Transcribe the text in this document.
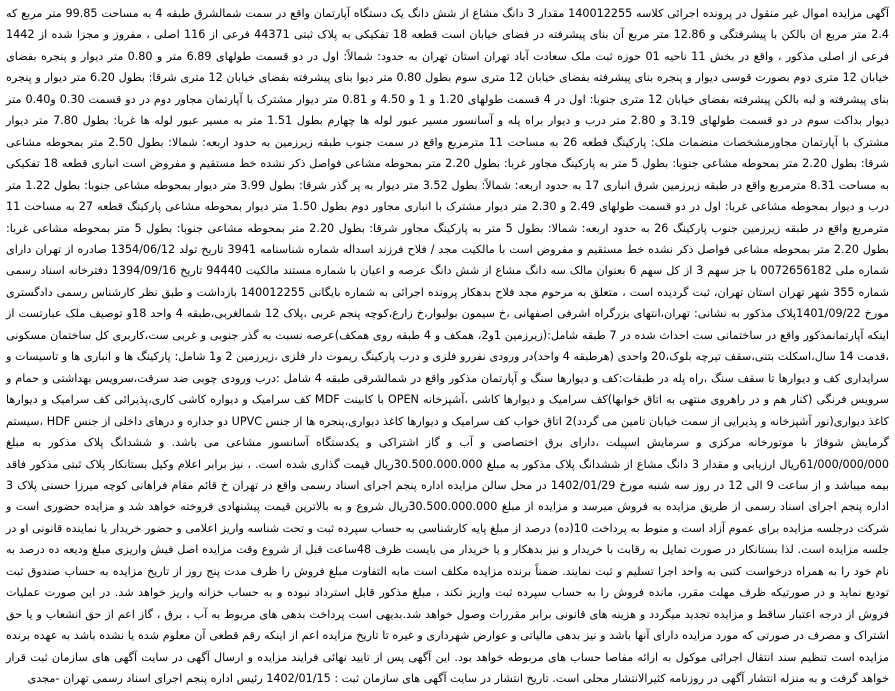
آگهی مزایده اموال غیر منقول در پرونده اجرائی کلاسه 140012255 مقدار 3 دانگ مشاع از شش دانگ یک دستگاه آپارتمان واقع در سمت شمالشرق طبقه 4 به مساحت 99.85 متر مربع که 2.4 متر مربع ان بالکن با پیشرفتگی و 12.86 متر مربع آن بنای پیشرفته در فضای خیابان است قطعه 18 تفکیکی به پلاک ثبتی 44371 فرعی از 116 اصلی ، مفروز و مجزا شده از 1442 فرعی از اصلی مذکور ، واقع در بخش 11 ناحیه 01 حوزه ثبت ملک سعادت آباد تهران استان تهران به حدود: شمالاً: اول در دو قسمت طولهای 6.89 متر و 0.80 متر دیوار و پنجره بفضای خیابان 12 متری دوم بصورت قوسی دیوار و پنجره بنای پیشرفته بفضای خیابان 12 متری سوم بطول 0.80 متر دیوا بنای پیشرفته بفضای خیابان 12 متری شرقا: بطول 6.20 متر دیوار و پنجره بنای پیشرفته و لبه بالکن پیشرفته بفضای خیابان 12 متری جنوبا: اول در 4 قسمت طولهای 1.20 و 1 و 4.50 و 0.81 متر دیوار مشترک با آپارتمان مجاور دوم در دو قسمت 0.30 و0.40 متر دیوار بداکت سوم در دو قسمت طولهای 3.19 و 2.80 متر درب و دیوار براه پله و آسانسور مسیر عبور لوله ها چهارم بطول 1.51 متر به مسیر عبور لوله ها غربا: بطول 7.80 متر دیوار مشترک با آپارتمان مجاورمشخصات منضمات ملک: پارکینگ قطعه 26 به مساحت 11 مترمربع واقع در سمت جنوب طبقه زیرزمین به حدود اربعه: شمالا: بطول 2.50 متر بمحوطه مشاعی شرقا: بطول 2.20 متر بمحوطه مشاعی جنوبا: بطول 5 متر به پارکینگ مجاور غربا: بطول 2.20 متر بمحوطه مشاعی فواصل ذکر نشده خط مستقیم و مفروض است انباری قطعه 18 تفکیکی به مساحت 8.31 مترمربع واقع در طبقه زیرزمین شرق انباری 17 به حدود اربعه: شمالاً: بطول 3.52 متر دیوار به پر گذر شرقا: بطول 3.99 متر دیوار بمحوطه مشاعی جنوبا: بطول 1.22 متر درب و دیوار بمحوطه مشاعی غربا: اول در دو قسمت طولهای 2.49 و 2.30 متر دیوار مشترک با انباری مجاور دوم بطول 1.50 متر دیوار بمحوطه مشاعی پارکینگ قطعه 27 به مساحت 11 مترمربع واقع در طبقه زیرزمین جنوب پارکینگ 26 به حدود اربعه: شمالا: بطول 5 متر به پارکینگ مجاور شرقا: بطول 2.20 متر بمحوطه مشاعی جنوبا: بطول 5 متر بمحوطه مشاعی غربا: بطول 2.20 متر بمحوطه مشاعی فواصل ذکر نشده خط مستقیم و مفروض است با مالکیت مجد / فلاح فرزند اسداله شماره شناسنامه 3941 تاریخ تولد 1354/06/12 صادره از تهران دارای شماره ملی 0072656182 با جز سهم 3 از کل سهم 6 بعنوان مالک سه دانگ مشاع از شش دانگ عرصه و اعیان با شماره مستند مالکیت 94440 تاریخ 1394/09/16 دفترخانه اسناد رسمی شماره 355 شهر تهران استان تهران، ثبت گردیده است ، متعلق به مرحوم مجد فلاح بدهکار پرونده اجرائی به شماره بایگانی 140012255 بازداشت و طبق نظر کارشناس رسمی دادگستری مورخ 1401/09/22پلاک مذکور به نشانی: تهران،انتهای بزرگراه اشرفی اصفهانی ،خ سیمون بولیوار،خ زارع،کوچه پنجم غربی ،پلاک 12 شمالغربی،طبقه 4 واحد 18و توصیف ملک عبارتست از اینکه آپارتمانمذکور واقع در ساختمانی ست احداث شده در 7 طبقه شامل:(زیرزمین 1و2، همکف و 4 طبقه روی همکف)عرصه نسبت به گذر جنوبی و غربی ست،کاربری کل ساختمان مسکونی ،قدمت 14 سال،اسکلت بتنی،سقف تیرچه بلوک،20 واحدی (هرطبقه 4 واحد)در ورودی نفررو فلزی و درب پارکینگ ریموت دار فلزی ،زیرزمین 2 و1 شامل: پارکینگ ها و انباری ها و تاسیسات و سرایداری کف و دیوارها تا سقف سنگ ،راه پله در طبقات:کف و دیوارها سنگ و آپارتمان مذکور واقع در شمالشرقی طبقه 4 شامل :درب ورودی چوبی ضد سرقت،سرویس بهداشتی و حمام و سرویس فرنگی (کنار هم و در راهروی منتهی به اتاق خوابها)کف سرامیک و دیوارها کاشی ،آشپزخانه OPEN با کابینت MDF کف سرامیک و دیواره کاشی کاری،پذیرائی کف سرامیک و دیوارها کاغذ دیواری(نور آشپزخانه و پذیرایی از سمت خیابان تامین می گردد)2 اتاق خواب کف سرامیک و دیوارها کاغذ دیواری،پنجره ها از جنس UPVC دو جداره و درهای داخلی از جنس HDF ،سیستم گرمایش شوفاژ با موتورخانه مرکزی و سرمایش اسپیلت ،دارای برق اختصاصی و آب و گاز اشتراکی و یکدستگاه آسانسور مشاعی می باشد. و ششدانگ پلاک مذکور به مبلغ 61/000/000/000ریال ارزیابی و مقدار 3 دانگ مشاع از ششدانگ پلاک مذکور به مبلغ 30.500.000.000ریال قیمت گذاری شده است. ، نیز برابر اعلام وکیل بستانکار پلاک ثبتی مذکور فاقد بیمه میباشد و از ساعت 9 الی 12 در روز سه شنبه مورخ 1402/01/29 در محل سالن مزایده اداره پنجم اجرای اسناد رسمی واقع در تهران خ قائم مقام فراهانی کوچه میرزا حسنی پلاک 3 اداره پنجم اجرای اسناد رسمی از طریق مزایده به فروش میرسد و مزایده از مبلغ 30.500.000.000ریال شروع و به بالاترین قیمت پیشنهادی فروخته خواهد شد و مزایده حضوری است و شرکت درجلسه مزایده برای عموم آزاد است و منوط به پرداخت 10(ده) درصد از مبلغ پایه کارشناسی به حساب سپرده ثبت و تحت شناسه واریز اعلامی و حضور خریدار یا نماینده قانونی او در جلسه مزایده است. لذا بستانکار در صورت تمایل به رقابت با خریدار و نیز بدهکار و یا خریدار می بایست ظرف 48ساعت قبل از شروع وقت مزایده اصل فیش واریزی مبلغ ودیعه ده درصد به نام خود را به همراه درخواست کتبی به واحد اجرا تسلیم و ثبت نمایند. ضمناً برنده مزایده مکلف است مابه التفاوت مبلغ فروش را ظرف مدت پنج روز از تاریخ مزایده به حساب صندوق ثبت تودیع نماید و در صورتیکه ظرف مهلت مقرر، مانده فروش را به حساب سپرده ثبت واریز نکند ، مبلغ مذکور قابل استرداد نبوده و به حساب خزانه واریز خواهد شد. در این صورت عملیات فروش از درجه اعتبار ساقط و مزایده تجدید میگردد و هزینه های قانونی برابر مقررات وصول خواهد شد.بدیهی است پرداخت بدهی های مربوط به آب ، برق ، گاز اعم از حق انشعاب و یا حق اشتراک و مصرف در صورتی که مورد مزایده دارای آنها باشد و نیز بدهی مالیاتی و عوارض شهرداری و غیره تا تاریخ مزایده اعم از اینکه رقم قطعی آن معلوم شده یا نشده باشد به عهده برنده مزایده است تنظیم سند انتقال اجرائی موکول به ارائه مفاصا حساب های مربوطه خواهد بود. این آگهی پس از تایید نهائی فرایند مزایده و ارسال آگهی در سایت آگهی های سازمان ثبت قرار خواهد گرفت و به منزله انتشار آگهی در روزنامه کثیرالانتشار محلی است. تاریخ انتشار در سایت آگهی های سازمان ثبت : 1402/01/15 رئیس اداره پنجم اجرای اسناد رسمی تهران -مجدی
